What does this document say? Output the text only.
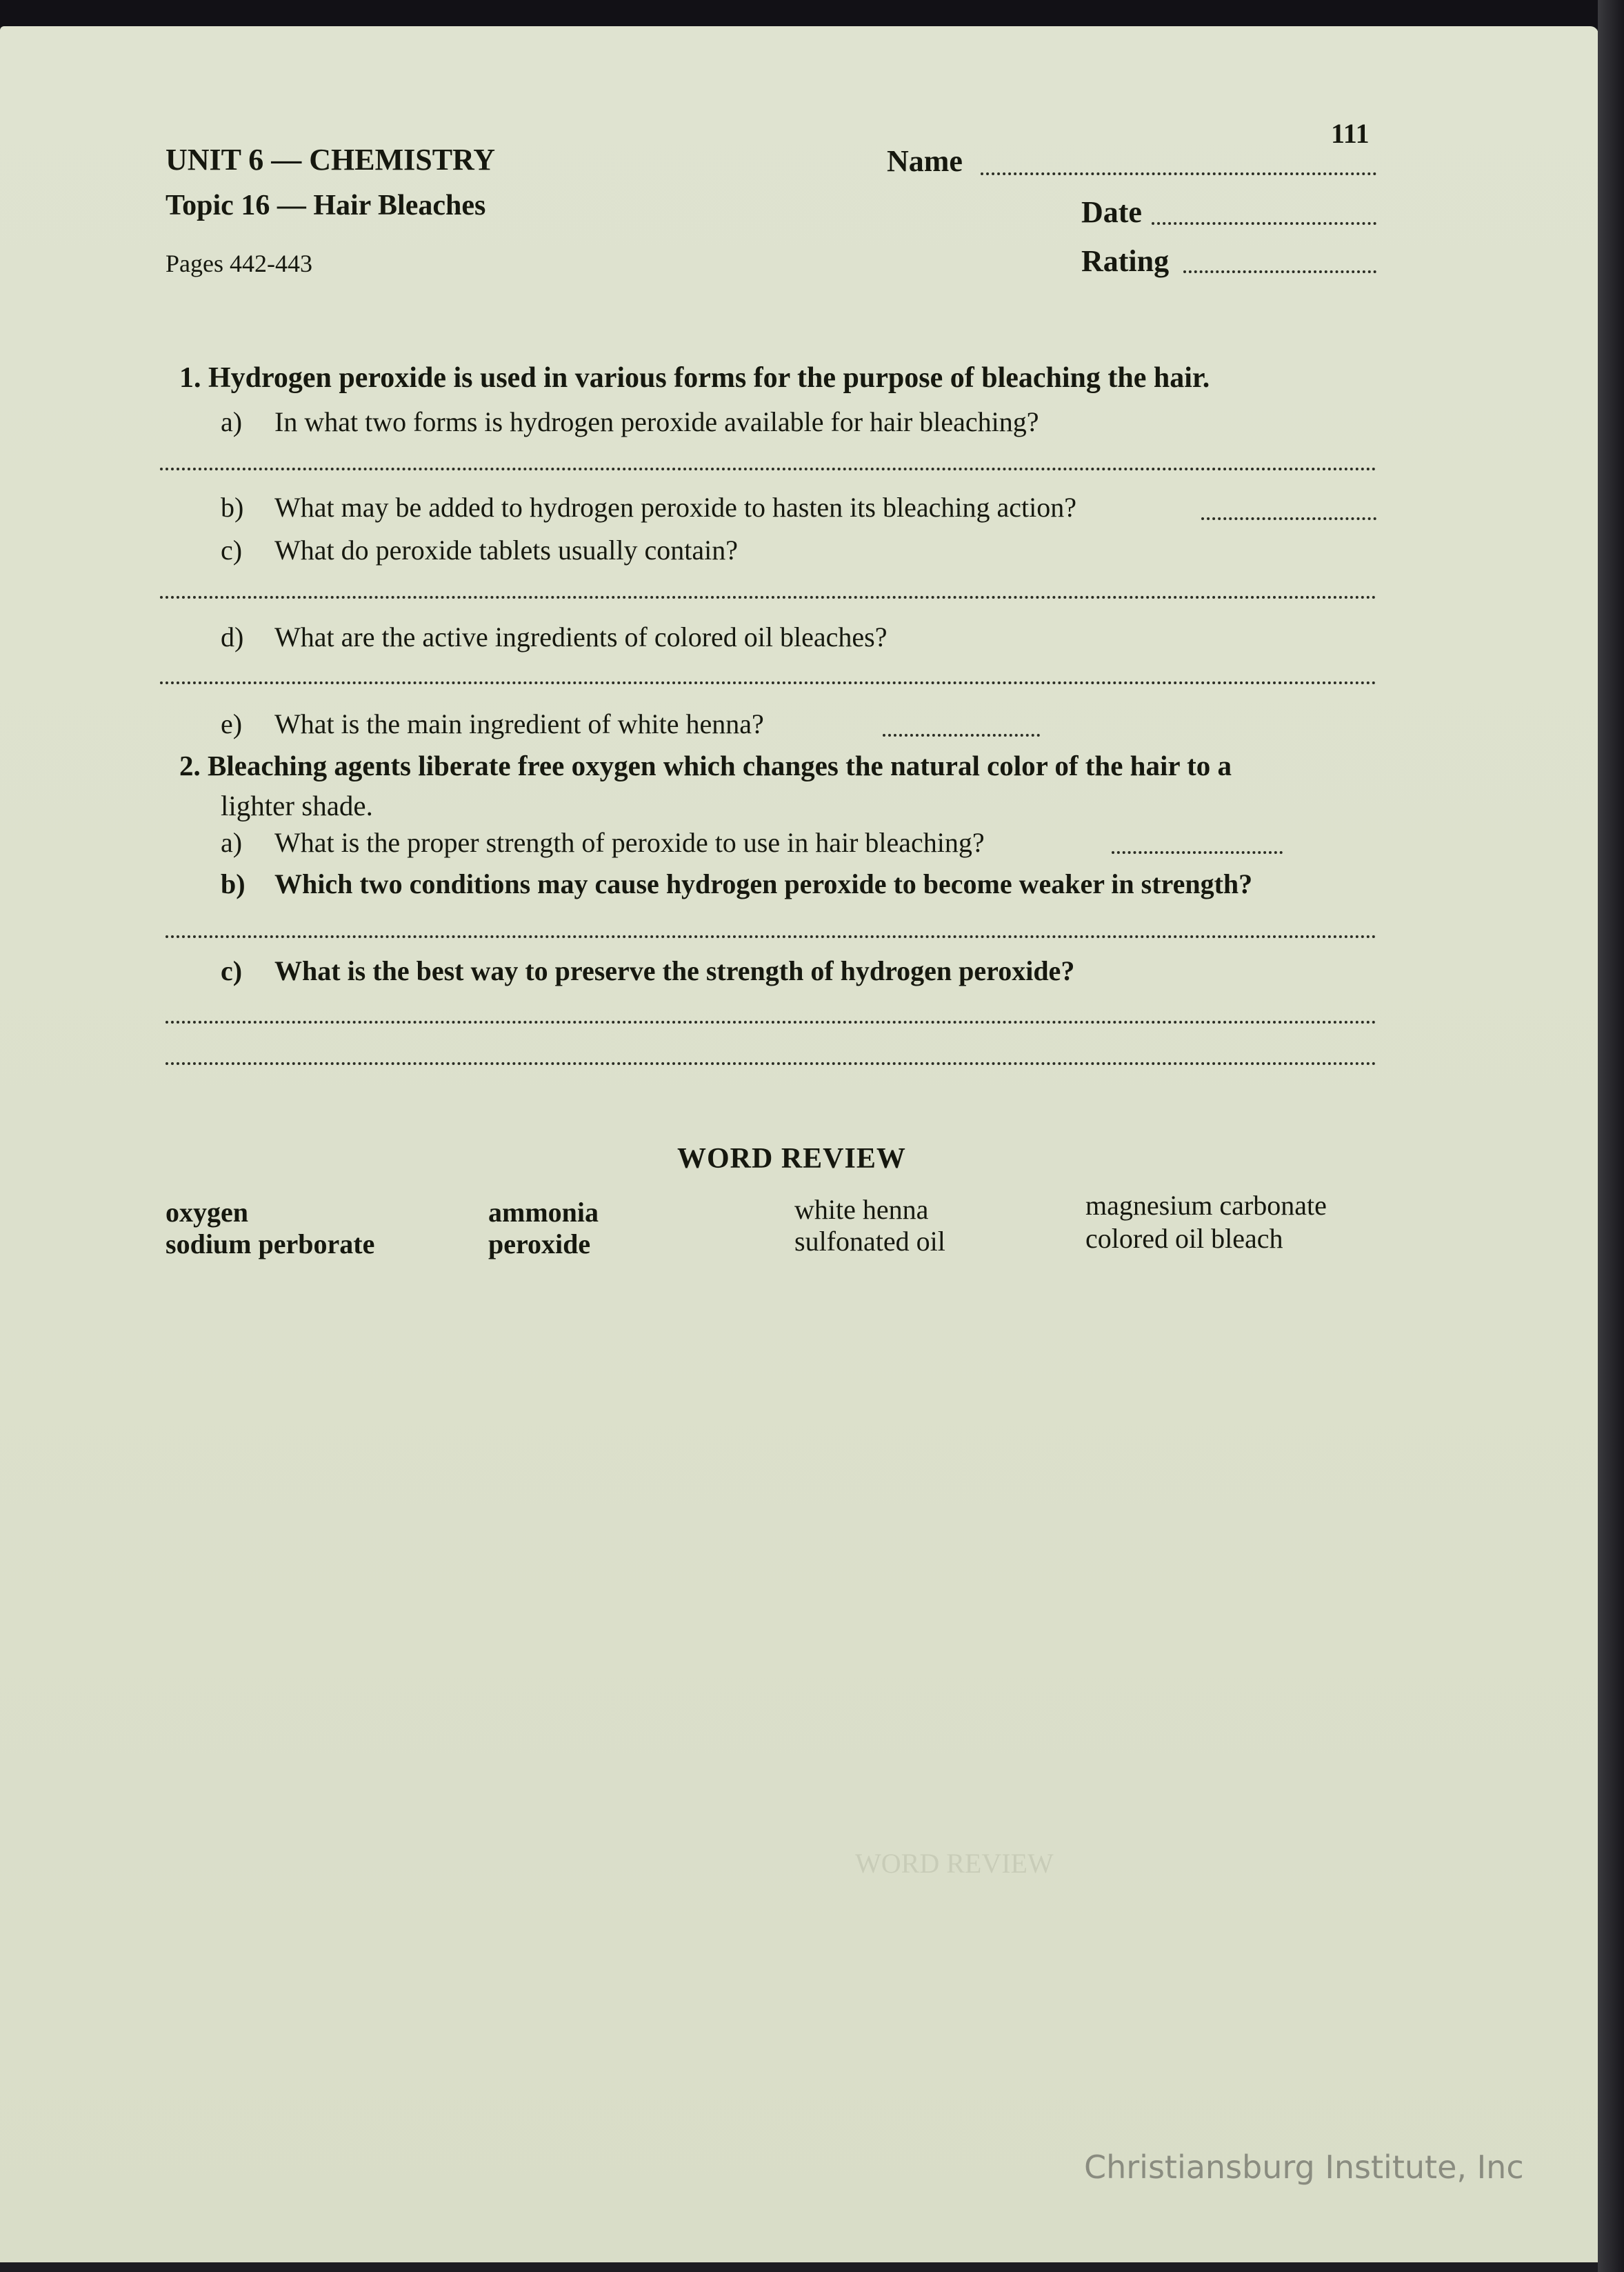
WORD REVIEW
111
UNIT 6 — CHEMISTRY
Topic 16 — Hair Bleaches
Pages 442-443
Name
Date
Rating
1. Hydrogen peroxide is used in various forms for the purpose of bleaching the hair.
a) In what two forms is hydrogen peroxide available for hair bleaching?
b) What may be added to hydrogen peroxide to hasten its bleaching action?
c) What do peroxide tablets usually contain?
d) What are the active ingredients of colored oil bleaches?
e) What is the main ingredient of white henna?
2. Bleaching agents liberate free oxygen which changes the natural color of the hair to a
lighter shade.
a) What is the proper strength of peroxide to use in hair bleaching?
b) Which two conditions may cause hydrogen peroxide to become weaker in strength?
c) What is the best way to preserve the strength of hydrogen peroxide?
WORD REVIEW
oxygen
sodium perborate
ammonia
peroxide
white henna
sulfonated oil
magnesium carbonate
colored oil bleach
Christiansburg Institute, Inc
